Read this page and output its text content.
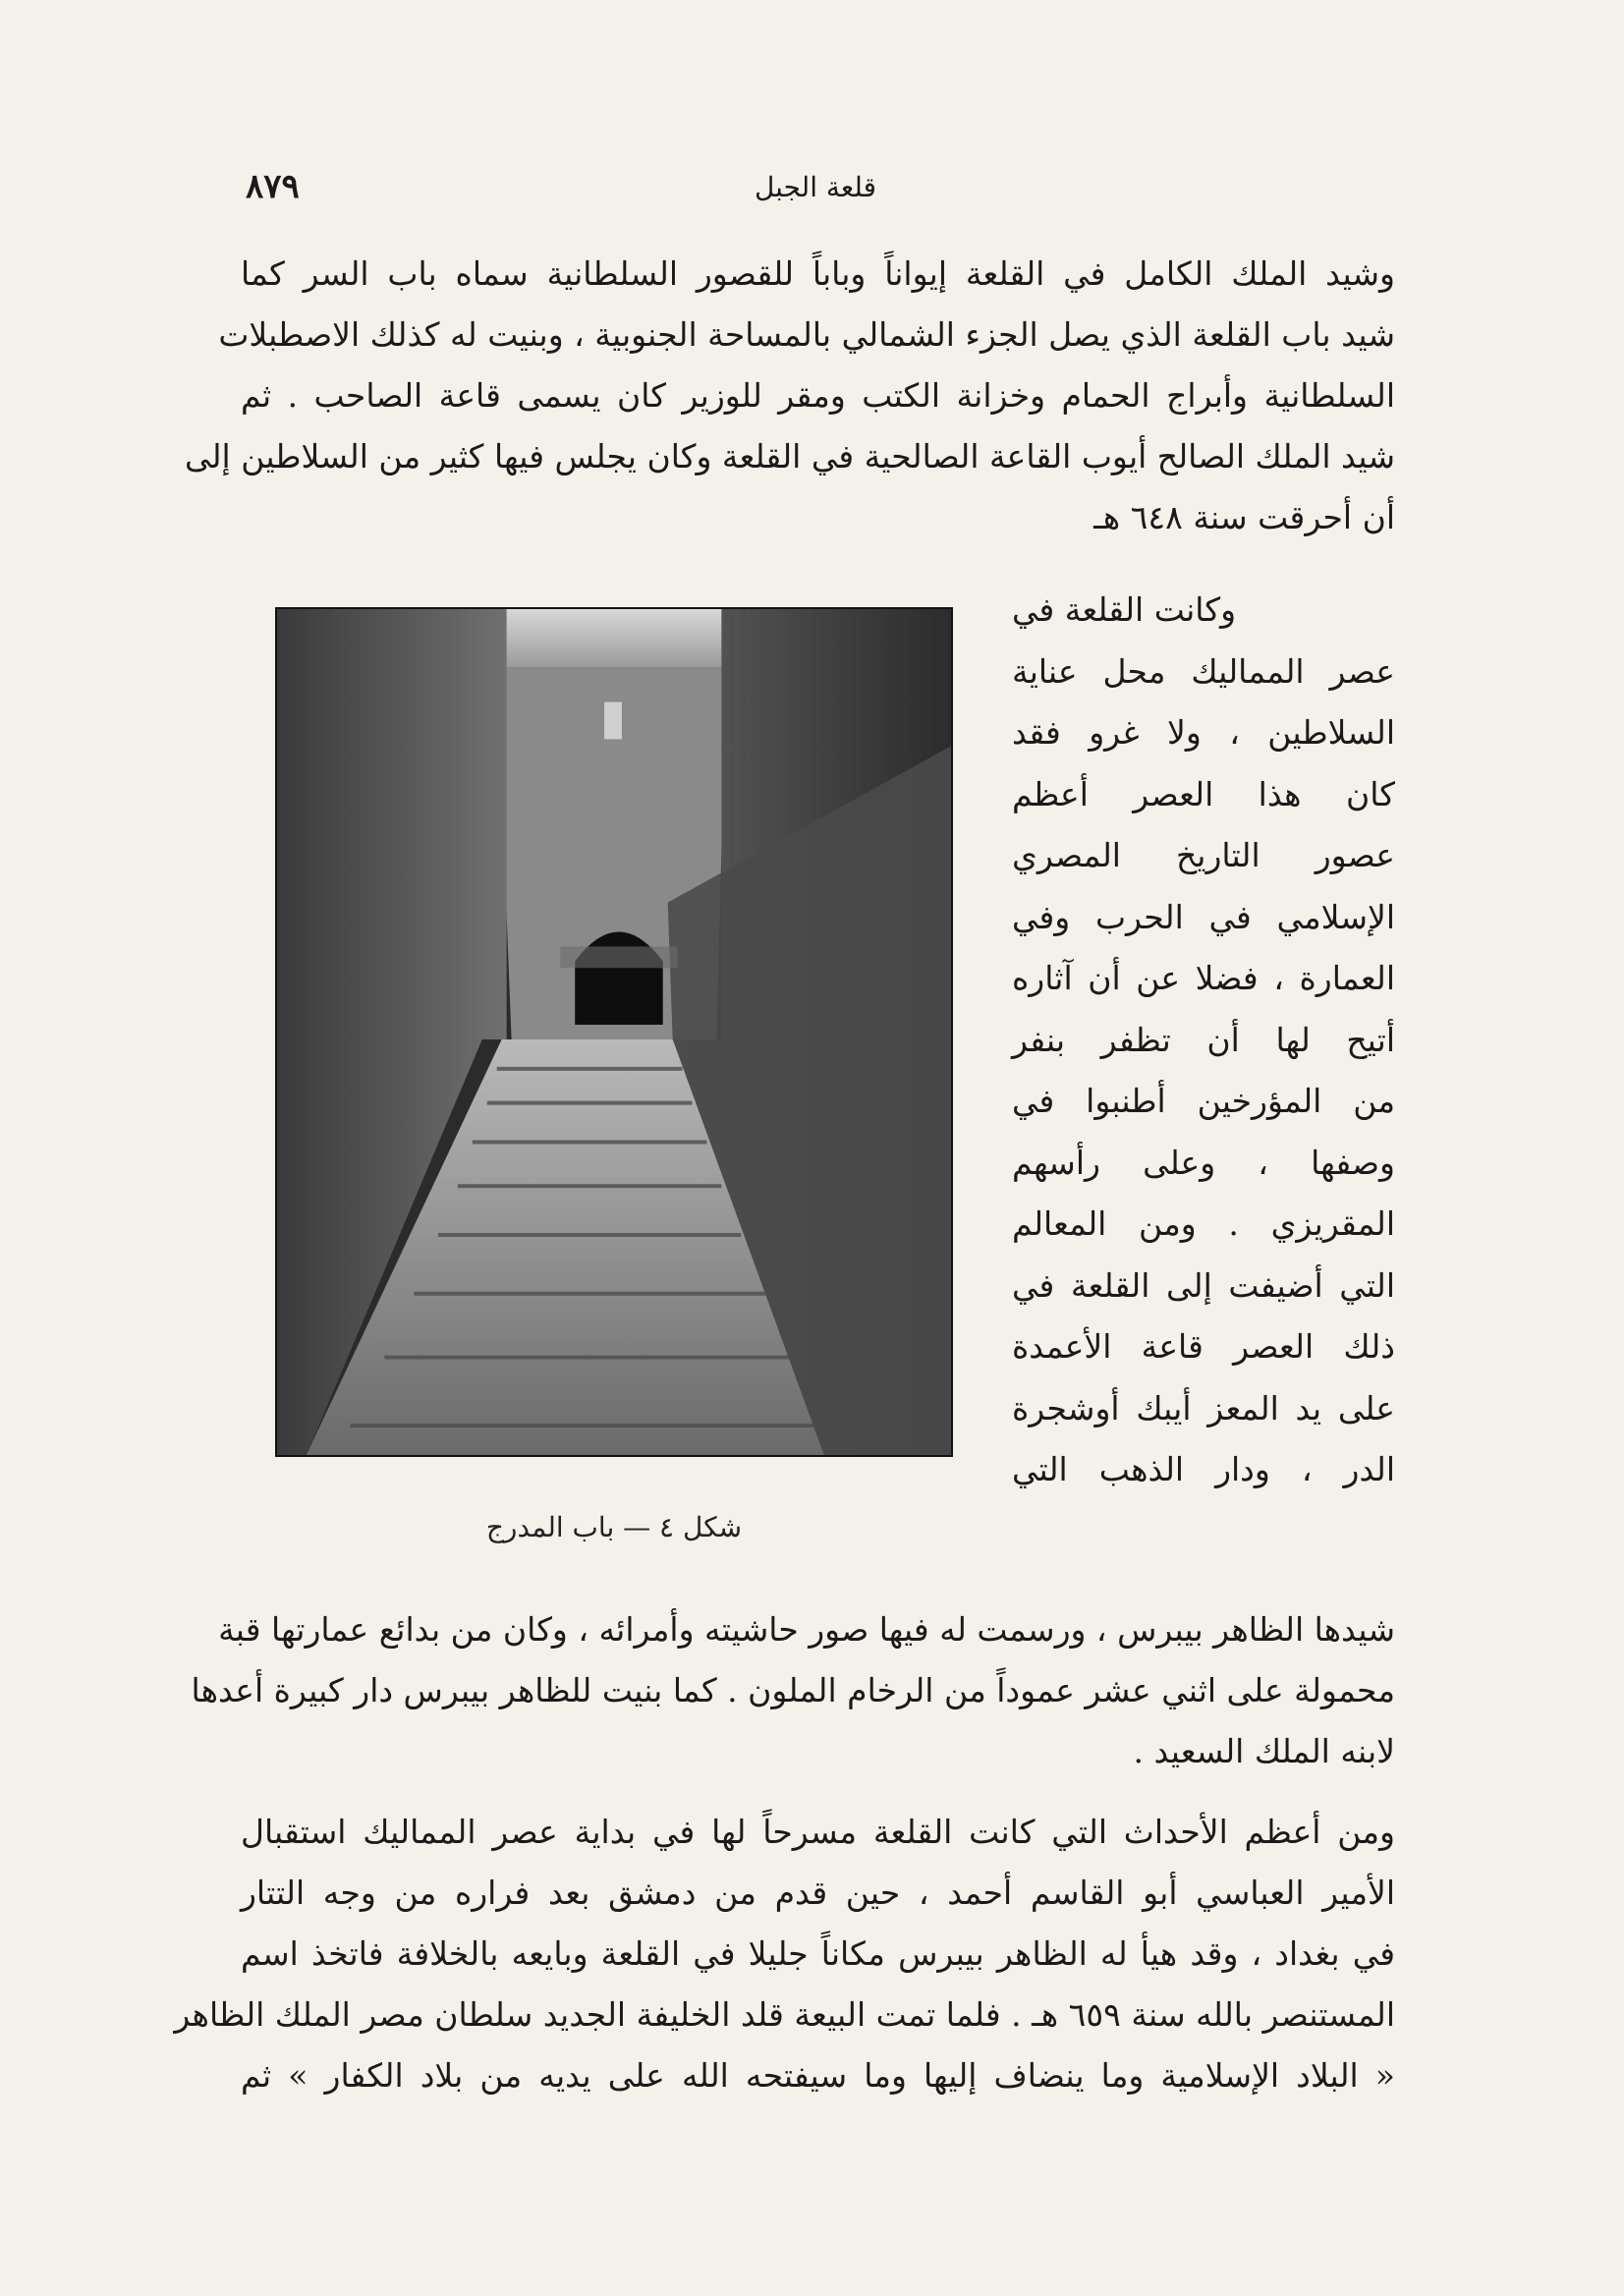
قلعة الجبل
٨٧٩
وشيد الملك الكامل في القلعة إيواناً وباباً للقصور السلطانية سماه باب السر كما
شيد باب القلعة الذي يصل الجزء الشمالي بالمساحة الجنوبية ، وبنيت له كذلك الاصطبلات
السلطانية وأبراج الحمام وخزانة الكتب ومقر للوزير كان يسمى قاعة الصاحب . ثم
شيد الملك الصالح أيوب القاعة الصالحية في القلعة وكان يجلس فيها كثير من السلاطين إلى
أن أحرقت سنة ٦٤٨ هـ
شكل ٤ — باب المدرج
وكانت القلعة في
عصر المماليك محل عناية
السلاطين ، ولا غرو فقد
كان هذا العصر أعظم
عصور التاريخ المصري
الإسلامي في الحرب وفي
العمارة ، فضلا عن أن آثاره
أتيح لها أن تظفر بنفر
من المؤرخين أطنبوا في
وصفها ، وعلى رأسهم
المقريزي . ومن المعالم
التي أضيفت إلى القلعة في
ذلك العصر قاعة الأعمدة
على يد المعز أيبك أوشجرة
الدر ، ودار الذهب التي
شيدها الظاهر بيبرس ، ورسمت له فيها صور حاشيته وأمرائه ، وكان من بدائع عمارتها قبة
محمولة على اثني عشر عموداً من الرخام الملون . كما بنيت للظاهر بيبرس دار كبيرة أعدها
لابنه الملك السعيد .
ومن أعظم الأحداث التي كانت القلعة مسرحاً لها في بداية عصر المماليك استقبال
الأمير العباسي أبو القاسم أحمد ، حين قدم من دمشق بعد فراره من وجه التتار
في بغداد ، وقد هيأ له الظاهر بيبرس مكاناً جليلا في القلعة وبايعه بالخلافة فاتخذ اسم
المستنصر بالله سنة ٦٥٩ هـ . فلما تمت البيعة قلد الخليفة الجديد سلطان مصر الملك الظاهر
« البلاد الإسلامية وما ينضاف إليها وما سيفتحه الله على يديه من بلاد الكفار » ثم
